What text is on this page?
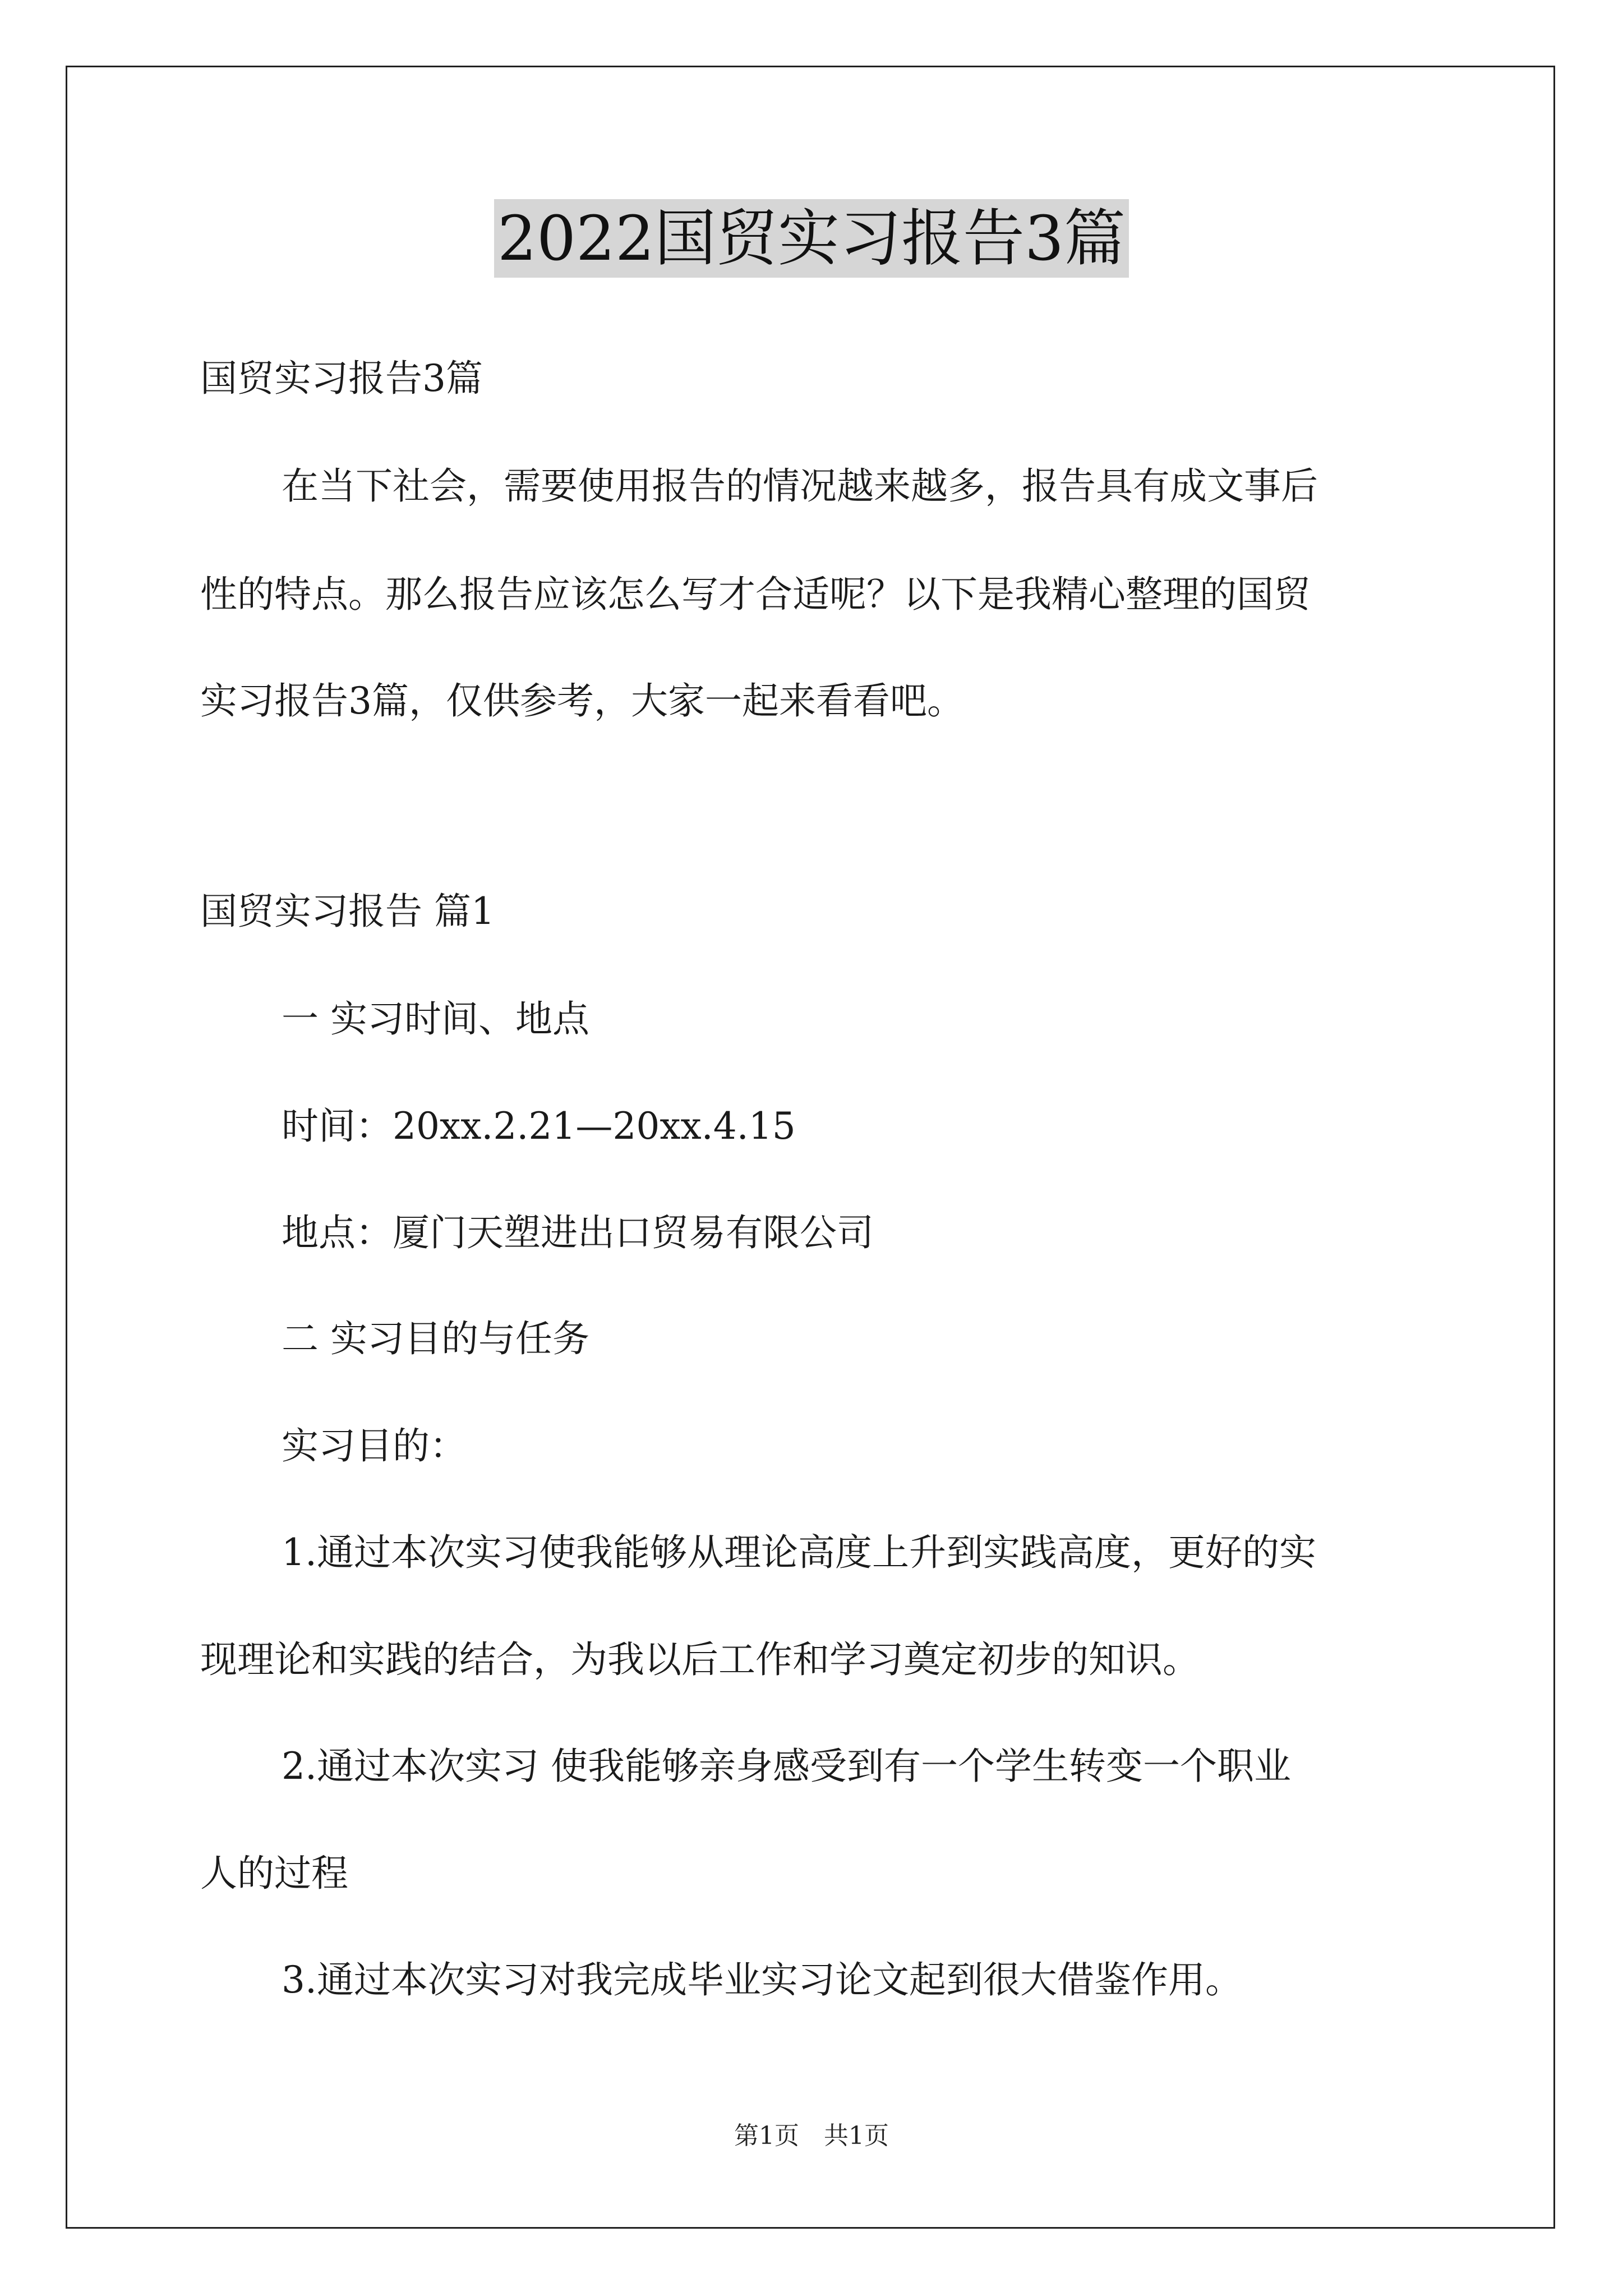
2022国贸实习报告3篇
国贸实习报告3篇
在当下社会，需要使用报告的情况越来越多，报告具有成文事后
性的特点。那么报告应该怎么写才合适呢？以下是我精心整理的国贸
实习报告3篇，仅供参考，大家一起来看看吧。
国贸实习报告 篇1
一 实习时间、地点
时间：20xx.2.21—20xx.4.15
地点：厦门天塑进出口贸易有限公司
二 实习目的与任务
实习目的：
1.通过本次实习使我能够从理论高度上升到实践高度，更好的实
现理论和实践的结合，为我以后工作和学习奠定初步的知识。
2.通过本次实习 使我能够亲身感受到有一个学生转变一个职业
人的过程
3.通过本次实习对我完成毕业实习论文起到很大借鉴作用。
第1页　共1页
